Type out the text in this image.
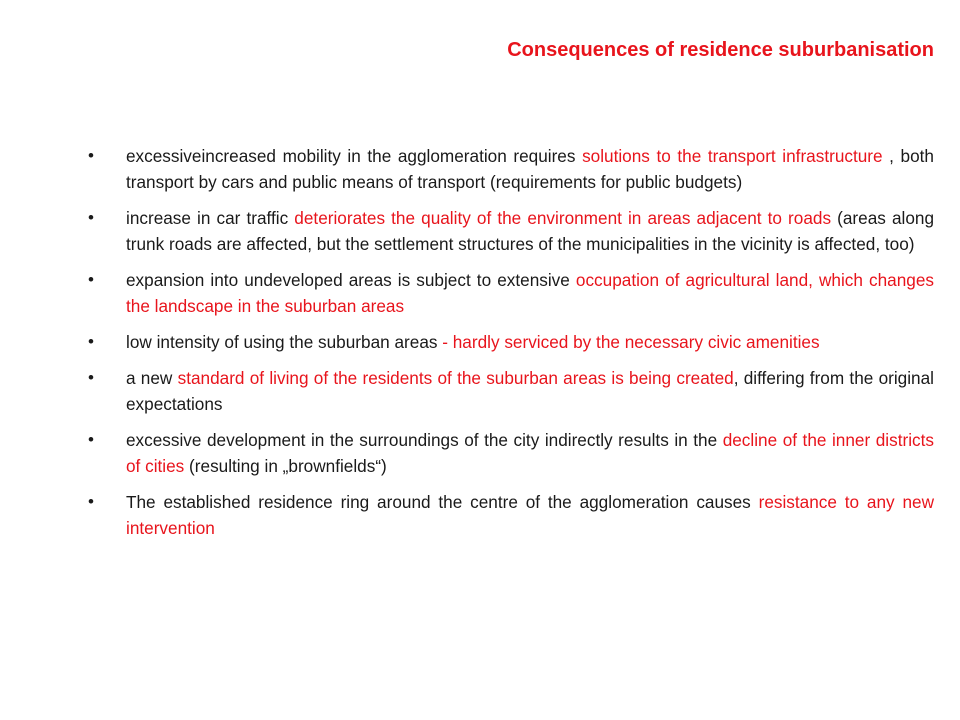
Consequences of residence suburbanisation
•	excessiveincreased mobility in the agglomeration requires solutions to the transport infrastructure , both transport by cars and public means of transport (requirements for public budgets)
•	increase in car traffic deteriorates the quality of the environment in areas adjacent to roads (areas along trunk roads are affected, but the settlement structures of the municipalities in the vicinity is affected, too)
•	expansion into undeveloped areas is subject to extensive occupation of agricultural land, which changes the landscape in the suburban areas
•	low intensity of using the suburban areas - hardly serviced by the necessary civic amenities
•	a new standard of living of the residents of the suburban areas is being created, differing from the original expectations
•	excessive development in the surroundings of the city indirectly results in the decline of the inner districts of cities (resulting in „brownfields“)
•	The established residence ring around the centre of the agglomeration causes resistance to any new intervention
